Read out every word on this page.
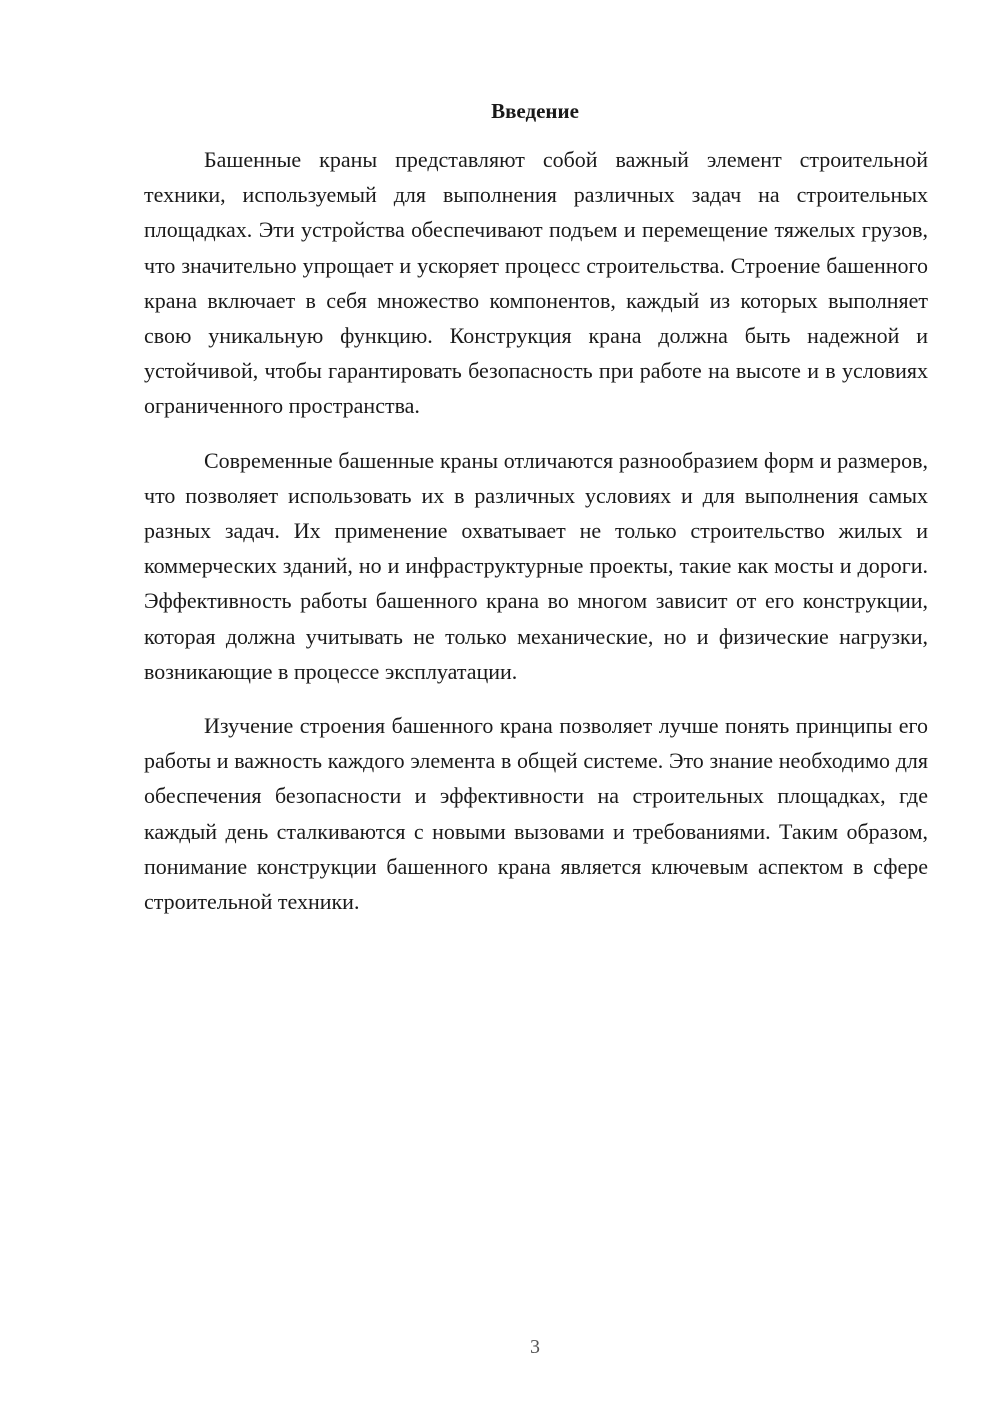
Введение

Башенные краны представляют собой важный элемент строительной техники, используемый для выполнения различных задач на строительных площадках. Эти устройства обеспечивают подъем и перемещение тяжелых грузов, что значительно упрощает и ускоряет процесс строительства. Строение башенного крана включает в себя множество компонентов, каждый из которых выполняет свою уникальную функцию. Конструкция крана должна быть надежной и устойчивой, чтобы гарантировать безопасность при работе на высоте и в условиях ограниченного пространства.

Современные башенные краны отличаются разнообразием форм и размеров, что позволяет использовать их в различных условиях и для выполнения самых разных задач. Их применение охватывает не только строительство жилых и коммерческих зданий, но и инфраструктурные проекты, такие как мосты и дороги. Эффективность работы башенного крана во многом зависит от его конструкции, которая должна учитывать не только механические, но и физические нагрузки, возникающие в процессе эксплуатации.

Изучение строения башенного крана позволяет лучше понять принципы его работы и важность каждого элемента в общей системе. Это знание необходимо для обеспечения безопасности и эффективности на строительных площадках, где каждый день сталкиваются с новыми вызовами и требованиями. Таким образом, понимание конструкции башенного крана является ключевым аспектом в сфере строительной техники.

3
